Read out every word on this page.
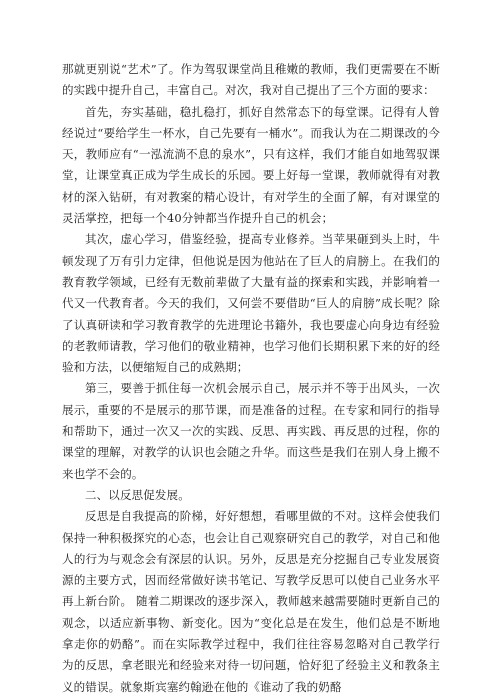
那就更别说“艺术”了。作为驾驭课堂尚且稚嫩的教师，我们更需要在不断的实践中提升自己，丰富自己。对次，我对自己提出了三个方面的要求：

首先，夯实基础，稳扎稳打，抓好自然常态下的每堂课。记得有人曾经说过“要给学生一杯水，自己先要有一桶水”。而我认为在二期课改的今天，教师应有“一泓流淌不息的泉水”，只有这样，我们才能自如地驾驭课堂，让课堂真正成为学生成长的乐园。要上好每一堂课，教师就得有对教材的深入钻研，有对教案的精心设计，有对学生的全面了解，有对课堂的灵活掌控，把每一个40分钟都当作提升自己的机会；

其次，虚心学习，借鉴经验，提高专业修养。当苹果砸到头上时，牛顿发现了万有引力定律，但他说是因为他站在了巨人的肩膀上。在我们的教育教学领域，已经有无数前辈做了大量有益的探索和实践，并影响着一代又一代教育者。今天的我们，又何尝不要借助“巨人的肩膀”成长呢？除了认真研读和学习教育教学的先进理论书籍外，我也要虚心向身边有经验的老教师请教，学习他们的敬业精神，也学习他们长期积累下来的好的经验和方法，以便缩短自己的成熟期；

第三，要善于抓住每一次机会展示自己，展示并不等于出风头，一次展示，重要的不是展示的那节课，而是准备的过程。在专家和同行的指导和帮助下，通过一次又一次的实践、反思、再实践、再反思的过程，你的课堂的理解，对教学的认识也会随之升华。而这些是我们在别人身上搬不来也学不会的。

二、以反思促发展。

反思是自我提高的阶梯，好好想想，看哪里做的不对。这样会使我们保持一种积极探究的心态，也会让自己观察研究自己的教学，对自己和他人的行为与观念会有深层的认识。另外，反思是充分挖掘自己专业发展资源的主要方式，因而经常做好读书笔记、写教学反思可以使自己业务水平再上新台阶。 随着二期课改的逐步深入，教师越来越需要随时更新自己的观念，以适应新事物、新变化。因为“变化总是在发生，他们总是不断地拿走你的奶酪”。而在实际教学过程中，我们往往容易忽略对自己教学行为的反思，拿老眼光和经验来对待一切问题，恰好犯了经验主义和教条主义的错误。就象斯宾塞约翰逊在他的《谁动了我的奶酪
